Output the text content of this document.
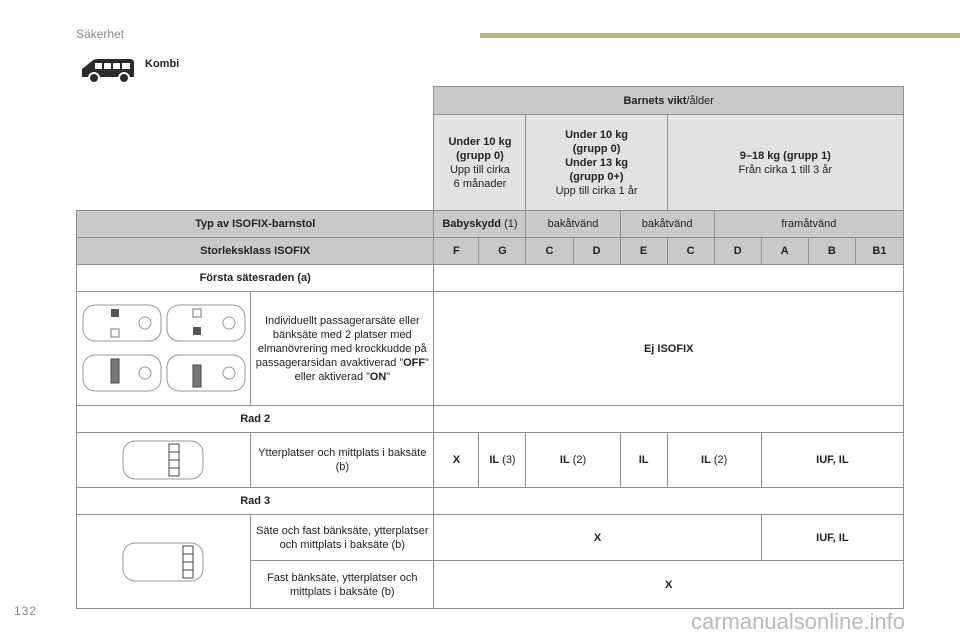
Säkerhet
Kombi
		Barnets vikt/ålder									
		Under 10 kg
(grupp 0)
Upp till cirka
6 månader		Under 10 kg
(grupp 0)
Under 13 kg
(grupp 0+)
Upp till cirka 1 år			9–18 kg (grupp 1)
Från cirka 1 till 3 år				
Typ av ISOFIX-barnstol		Babyskydd (1)		bakåtvänd		bakåtvänd		framåtvänd			
Storleksklass ISOFIX		F	G	C	D	E	C	D	A	B	B1
Första sätesraden (a)											

	Individuellt passagerarsäte eller bänksäte med 2 platser med elmanövrering med krockkudde på passagerarsidan avaktiverad ”OFF” eller aktiverad ”ON”	Ej ISOFIX									
Rad 2											

	Ytterplatser och mittplats i baksäte (b)	X	IL (3)	IL (2)		IL	IL (2)		IUF, IL		
Rad 3											

	Säte och fast bänksäte, ytterplatser och mittplats i baksäte (b)	X							IUF, IL		
	Fast bänksäte, ytterplatser och mittplats i baksäte (b)	X									
132	carmanualsonline.info
